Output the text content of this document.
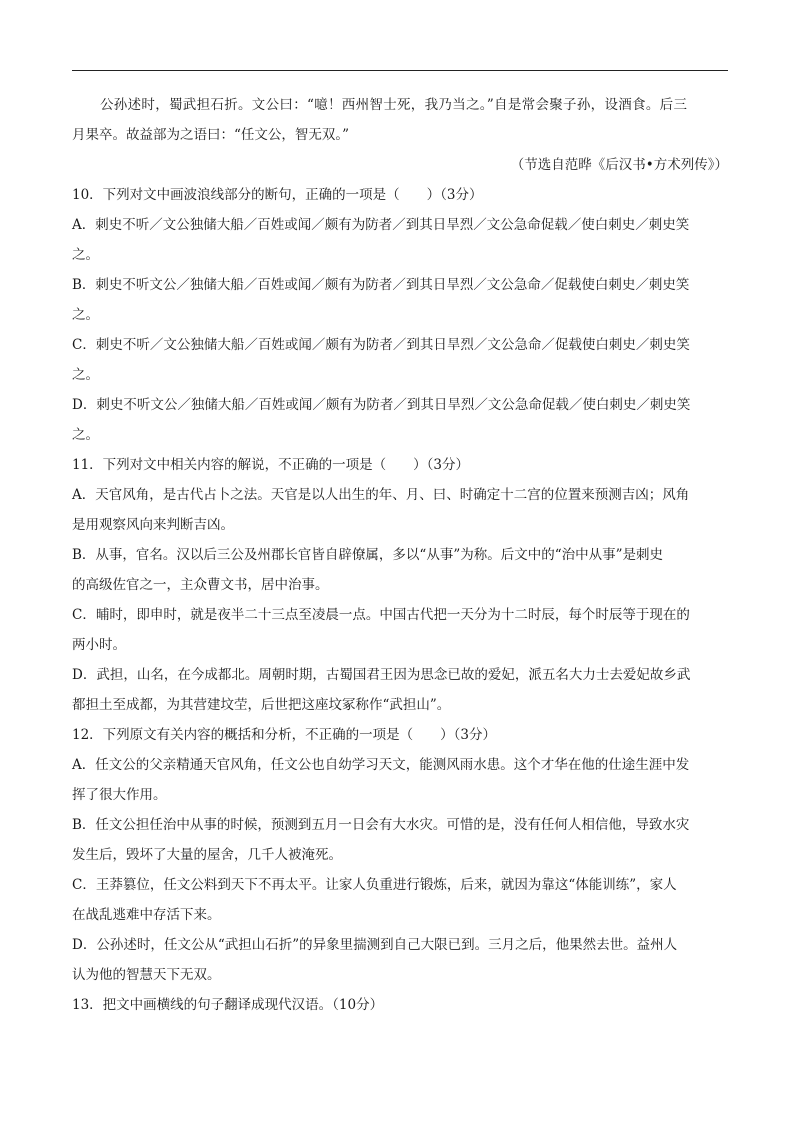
公孙述时，蜀武担石折。文公曰：“噫！西州智士死，我乃当之。”自是常会聚子孙，设酒食。后三

月果卒。故益部为之语曰：“任文公，智无双。”

（节选自范晔《后汉书•方术列传》）

10．下列对文中画波浪线部分的断句，正确的一项是（　　）（3分）

A．刺史不听／文公独储大船／百姓或闻／颇有为防者／到其日旱烈／文公急命促载／使白刺史／刺史笑

之。

B．刺史不听文公／独储大船／百姓或闻／颇有为防者／到其日旱烈／文公急命／促载使白刺史／刺史笑

之。

C．刺史不听／文公独储大船／百姓或闻／颇有为防者／到其日旱烈／文公急命／促载使白刺史／刺史笑

之。

D．刺史不听文公／独储大船／百姓或闻／颇有为防者／到其日旱烈／文公急命促载／使白刺史／刺史笑

之。

11．下列对文中相关内容的解说，不正确的一项是（　　）（3分）

A．天官风角，是古代占卜之法。天官是以人出生的年、月、曰、时确定十二宫的位置来预测吉凶；风角

是用观察风向来判断吉凶。

B．从事，官名。汉以后三公及州郡长官皆自辟僚属，多以“从事”为称。后文中的“治中从事”是刺史

的高级佐官之一，主众曹文书，居中治事。

C．晡时，即申时，就是夜半二十三点至凌晨一点。中国古代把一天分为十二时辰，每个时辰等于现在的

两小时。

D．武担，山名，在今成都北。周朝时期，古蜀国君王因为思念已故的爱妃，派五名大力士去爱妃故乡武

都担土至成都，为其营建坟茔，后世把这座坟冢称作“武担山”。

12．下列原文有关内容的概括和分析，不正确的一项是（　　）（3分）

A．任文公的父亲精通天官风角，任文公也自幼学习天文，能测风雨水患。这个才华在他的仕途生涯中发

挥了很大作用。

B．任文公担任治中从事的时候，预测到五月一日会有大水灾。可惜的是，没有任何人相信他，导致水灾

发生后，毁坏了大量的屋舍，几千人被淹死。

C．王莽篡位，任文公料到天下不再太平。让家人负重进行锻炼，后来，就因为靠这“体能训练”，家人

在战乱逃难中存活下来。

D．公孙述时，任文公从“武担山石折”的异象里揣测到自己大限已到。三月之后，他果然去世。益州人

认为他的智慧天下无双。

13．把文中画横线的句子翻译成现代汉语。（10分）
